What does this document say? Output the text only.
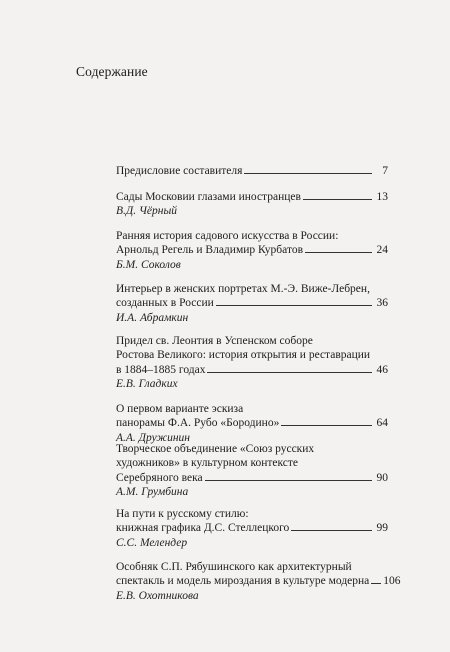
Содержание
Предисловие составителя	7
Сады Московии глазами иностранцев	13
В.Д. Чёрный
Ранняя история садового искусства в России:
Арнольд Регель и Владимир Курбатов	24
Б.М. Соколов
Интерьер в женских портретах М.-Э. Виже-Лебрен,
созданных в России	36
И.А. Абрамкин
Придел св. Леонтия в Успенском соборе
Ростова Великого: история открытия и реставрации
в 1884–1885 годах	46
Е.В. Гладких
О первом варианте эскиза
панорамы Ф.А. Рубо «Бородино»	64
А.А. Дружинин
Творческое объединение «Союз русских
художников» в культурном контексте
Серебряного века	90
А.М. Грумбина
На пути к русскому стилю:
книжная графика Д.С. Стеллецкого	99
С.С. Мелендер
Особняк С.П. Рябушинского как архитектурный
спектакль и модель мироздания в культуре модерна 106
Е.В. Охотникова
